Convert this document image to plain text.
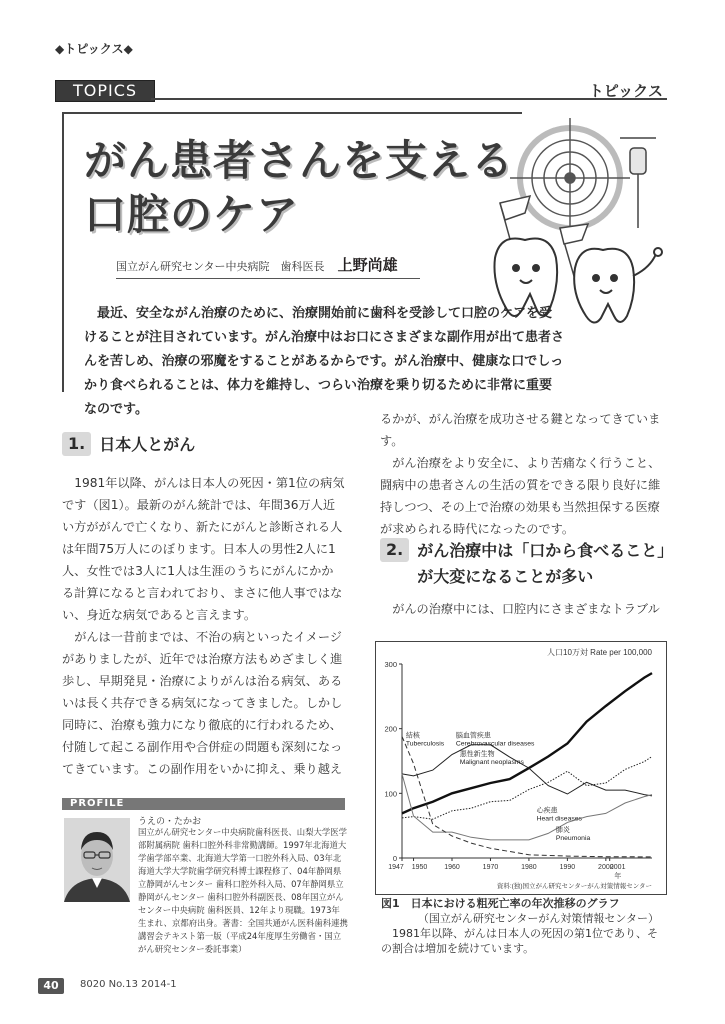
◆トピックス◆
TOPICS	トピックス
がん患者さんを支える
口腔のケア
国立がん研究センター中央病院　歯科医長 上野尚雄

最近、安全ながん治療のために、治療開始前に歯科を受診して口腔のケアを受けることが注目されています。がん治療中はお口にさまざまな副作用が出て患者さんを苦しめ、治療の邪魔をすることがあるからです。がん治療中、健康な口でしっかり食べられることは、体力を維持し、つらい治療を乗り切るために非常に重要なのです。

1. 日本人とがん

1981年以降、がんは日本人の死因・第1位の病気です（図1）。最新のがん統計では、年間36万人近い方ががんで亡くなり、新たにがんと診断される人は年間75万人にのぼります。日本人の男性2人に1人、女性では3人に1人は生涯のうちにがんにかかる計算になると言われており、まさに他人事ではない、身近な病気であると言えます。

がんは一昔前までは、不治の病といったイメージがありましたが、近年では治療方法もめざましく進歩し、早期発見・治療によりがんは治る病気、あるいは長く共存できる病気になってきました。しかし同時に、治療も強力になり徹底的に行われるため、付随して起こる副作用や合併症の問題も深刻になってきています。この副作用をいかに抑え、乗り越え

るかが、がん治療を成功させる鍵となってきています。

がん治療をより安全に、より苦痛なく行うこと、闘病中の患者さんの生活の質をできる限り良好に維持しつつ、その上で治療の効果も当然担保する医療が求められる時代になったのです。

2. がん治療中は「口から食べること」が大変になることが多い

がんの治療中には、口腔内にさまざまなトラブル

PROFILE
うえの・たかお
国立がん研究センター中央病院歯科医長、山梨大学医学部附属病院 歯科口腔外科非常勤講師。1997年北海道大学歯学部卒業、北海道大学第一口腔外科入局、03年北海道大学大学院歯学研究科博士課程修了、04年静岡県立静岡がんセンター 歯科口腔外科入局、07年静岡県立静岡がんセンター 歯科口腔外科副医長、08年国立がんセンター中央病院 歯科医員、12年より現職。1973年生まれ、京都府出身。著書：全国共通がん医科歯科連携講習会テキスト第一版（平成24年度厚生労働省・国立がん研究センター委託事業）
人口10万対 Rate per 100,000
0
100
200
300
1947 1950 1960	1970	1980	1990	2000
2001
年
資料:(独)国立がん研究センターがん対策情報センター
悪性新生物
Malignant neoplasms
脳血管疾患
Cerebrovascular diseases
心疾患
Heart diseases
肺炎
Pneumonia
結核
Tuberculosis
図1　日本における粗死亡率の年次推移のグラフ
（国立がん研究センターがん対策情報センター）
1981年以降、がんは日本人の死因の第1位であり、その割合は増加を続けています。
40	8020 No.13 2014-1
